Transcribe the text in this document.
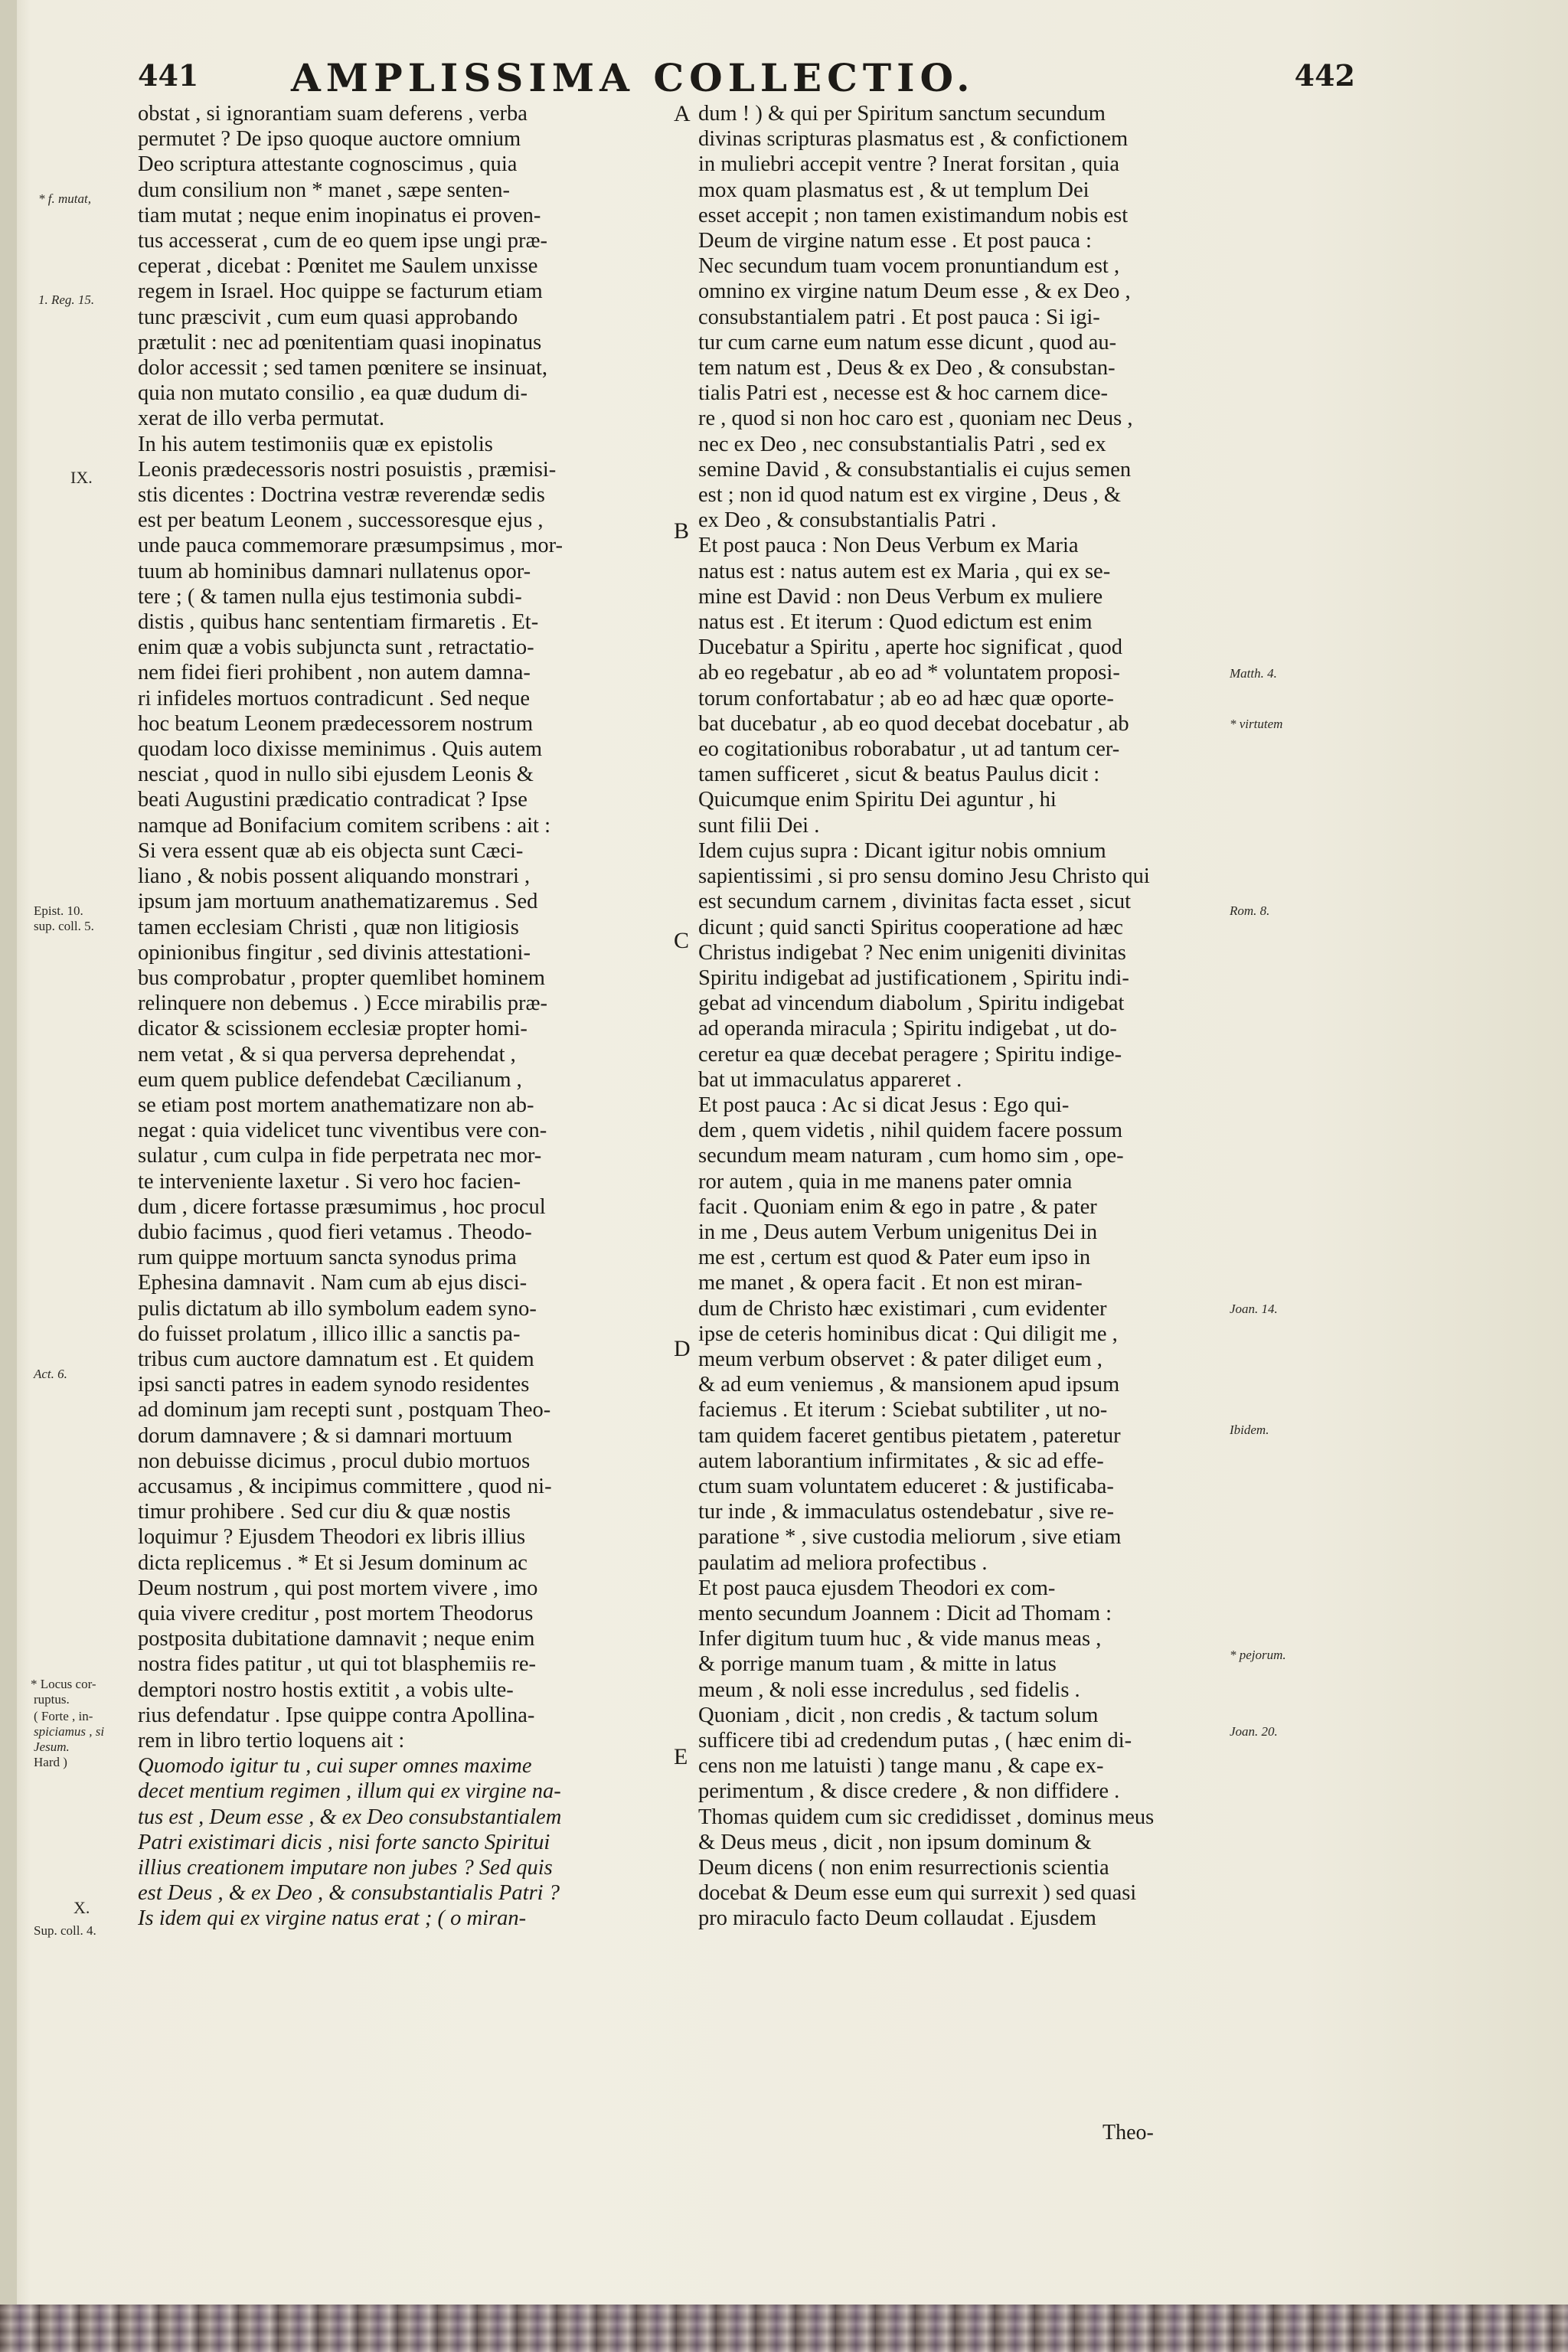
441 AMPLISSIMA COLLECTIO.	442
* f. mutat,
1. Reg. 15.
IX.
Epist. 10.
sup. coll. 5.
Act. 6.
* Locus cor-
ruptus.
( Forte , in-
spiciamus , si
Jesum.
Hard )
X.
Sup. coll. 4.
A
B
C
D
E
Matth. 4.
* virtutem
Rom. 8.
Joan. 14.
Ibidem.
* pejorum.
Joan. 20.
obstat , si ignorantiam suam deferens , verba
permutet ? De ipso quoque auctore omnium
Deo scriptura attestante cognoscimus , quia
dum consilium non * manet , sæpe senten-
tiam mutat ; neque enim inopinatus ei proven-
tus accesserat , cum de eo quem ipse ungi præ-
ceperat , dicebat : Pœnitet me Saulem unxisse
regem in Israel. Hoc quippe se facturum etiam
tunc præscivit , cum eum quasi approbando
prætulit : nec ad pœnitentiam quasi inopinatus
dolor accessit ; sed tamen pœnitere se insinuat,
quia non mutato consilio , ea quæ dudum di-
xerat de illo verba permutat.
In his autem testimoniis quæ ex epistolis
Leonis prædecessoris nostri posuistis , præmisi-
stis dicentes : Doctrina vestræ reverendæ sedis
est per beatum Leonem , successoresque ejus ,
unde pauca commemorare præsumpsimus , mor-
tuum ab hominibus damnari nullatenus opor-
tere ; ( & tamen nulla ejus testimonia subdi-
distis , quibus hanc sententiam firmaretis . Et-
enim quæ a vobis subjuncta sunt , retractatio-
nem fidei fieri prohibent , non autem damna-
ri infideles mortuos contradicunt . Sed neque
hoc beatum Leonem prædecessorem nostrum
quodam loco dixisse meminimus . Quis autem
nesciat , quod in nullo sibi ejusdem Leonis &
beati Augustini prædicatio contradicat ? Ipse
namque ad Bonifacium comitem scribens : ait :
Si vera essent quæ ab eis objecta sunt Cæci-
liano , & nobis possent aliquando monstrari ,
ipsum jam mortuum anathematizaremus . Sed
tamen ecclesiam Christi , quæ non litigiosis
opinionibus fingitur , sed divinis attestationi-
bus comprobatur , propter quemlibet hominem
relinquere non debemus . ) Ecce mirabilis præ-
dicator & scissionem ecclesiæ propter homi-
nem vetat , & si qua perversa deprehendat ,
eum quem publice defendebat Cæcilianum ,
se etiam post mortem anathematizare non ab-
negat : quia videlicet tunc viventibus vere con-
sulatur , cum culpa in fide perpetrata nec mor-
te interveniente laxetur . Si vero hoc facien-
dum , dicere fortasse præsumimus , hoc procul
dubio facimus , quod fieri vetamus . Theodo-
rum quippe mortuum sancta synodus prima
Ephesina damnavit . Nam cum ab ejus disci-
pulis dictatum ab illo symbolum eadem syno-
do fuisset prolatum , illico illic a sanctis pa-
tribus cum auctore damnatum est . Et quidem
ipsi sancti patres in eadem synodo residentes
ad dominum jam recepti sunt , postquam Theo-
dorum damnavere ; & si damnari mortuum
non debuisse dicimus , procul dubio mortuos
accusamus , & incipimus committere , quod ni-
timur prohibere . Sed cur diu & quæ nostis
loquimur ? Ejusdem Theodori ex libris illius
dicta replicemus . * Et si Jesum dominum ac
Deum nostrum , qui post mortem vivere , imo
quia vivere creditur , post mortem Theodorus
postposita dubitatione damnavit ; neque enim
nostra fides patitur , ut qui tot blasphemiis re-
demptori nostro hostis extitit , a vobis ulte-
rius defendatur . Ipse quippe contra Apollina-
rem in libro tertio loquens ait :
Quomodo igitur tu , cui super omnes maxime
decet mentium regimen , illum qui ex virgine na-
tus est , Deum esse , & ex Deo consubstantialem
Patri existimari dicis , nisi forte sancto Spiritui
illius creationem imputare non jubes ? Sed quis
est Deus , & ex Deo , & consubstantialis Patri ?
Is idem qui ex virgine natus erat ; ( o miran-
dum ! ) & qui per Spiritum sanctum secundum
divinas scripturas plasmatus est , & confictionem
in muliebri accepit ventre ? Inerat forsitan , quia
mox quam plasmatus est , & ut templum Dei
esset accepit ; non tamen existimandum nobis est
Deum de virgine natum esse . Et post pauca :
Nec secundum tuam vocem pronuntiandum est ,
omnino ex virgine natum Deum esse , & ex Deo ,
consubstantialem patri . Et post pauca : Si igi-
tur cum carne eum natum esse dicunt , quod au-
tem natum est , Deus & ex Deo , & consubstan-
tialis Patri est , necesse est & hoc carnem dice-
re , quod si non hoc caro est , quoniam nec Deus ,
nec ex Deo , nec consubstantialis Patri , sed ex
semine David , & consubstantialis ei cujus semen
est ; non id quod natum est ex virgine , Deus , &
ex Deo , & consubstantialis Patri .
Et post pauca : Non Deus Verbum ex Maria
natus est : natus autem est ex Maria , qui ex se-
mine est David : non Deus Verbum ex muliere
natus est . Et iterum : Quod edictum est enim
Ducebatur a Spiritu , aperte hoc significat , quod
ab eo regebatur , ab eo ad * voluntatem proposi-
torum confortabatur ; ab eo ad hæc quæ oporte-
bat ducebatur , ab eo quod decebat docebatur , ab
eo cogitationibus roborabatur , ut ad tantum cer-
tamen sufficeret , sicut & beatus Paulus dicit :
Quicumque enim Spiritu Dei aguntur , hi
sunt filii Dei .
Idem cujus supra : Dicant igitur nobis omnium
sapientissimi , si pro sensu domino Jesu Christo qui
est secundum carnem , divinitas facta esset , sicut
dicunt ; quid sancti Spiritus cooperatione ad hæc
Christus indigebat ? Nec enim unigeniti divinitas
Spiritu indigebat ad justificationem , Spiritu indi-
gebat ad vincendum diabolum , Spiritu indigebat
ad operanda miracula ; Spiritu indigebat , ut do-
ceretur ea quæ decebat peragere ; Spiritu indige-
bat ut immaculatus appareret .
Et post pauca : Ac si dicat Jesus : Ego qui-
dem , quem videtis , nihil quidem facere possum
secundum meam naturam , cum homo sim , ope-
ror autem , quia in me manens pater omnia
facit . Quoniam enim & ego in patre , & pater
in me , Deus autem Verbum unigenitus Dei in
me est , certum est quod & Pater eum ipso in
me manet , & opera facit . Et non est miran-
dum de Christo hæc existimari , cum evidenter
ipse de ceteris hominibus dicat : Qui diligit me ,
meum verbum observet : & pater diliget eum ,
& ad eum veniemus , & mansionem apud ipsum
faciemus . Et iterum : Sciebat subtiliter , ut no-
tam quidem faceret gentibus pietatem , pateretur
autem laborantium infirmitates , & sic ad effe-
ctum suam voluntatem educeret : & justificaba-
tur inde , & immaculatus ostendebatur , sive re-
paratione * , sive custodia meliorum , sive etiam
paulatim ad meliora profectibus .
Et post pauca ejusdem Theodori ex com-
mento secundum Joannem : Dicit ad Thomam :
Infer digitum tuum huc , & vide manus meas ,
& porrige manum tuam , & mitte in latus
meum , & noli esse incredulus , sed fidelis .
Quoniam , dicit , non credis , & tactum solum
sufficere tibi ad credendum putas , ( hæc enim di-
cens non me latuisti ) tange manu , & cape ex-
perimentum , & disce credere , & non diffidere .
Thomas quidem cum sic credidisset , dominus meus
& Deus meus , dicit , non ipsum dominum &
Deum dicens ( non enim resurrectionis scientia
docebat & Deum esse eum qui surrexit ) sed quasi
pro miraculo facto Deum collaudat . Ejusdem
Theo-
